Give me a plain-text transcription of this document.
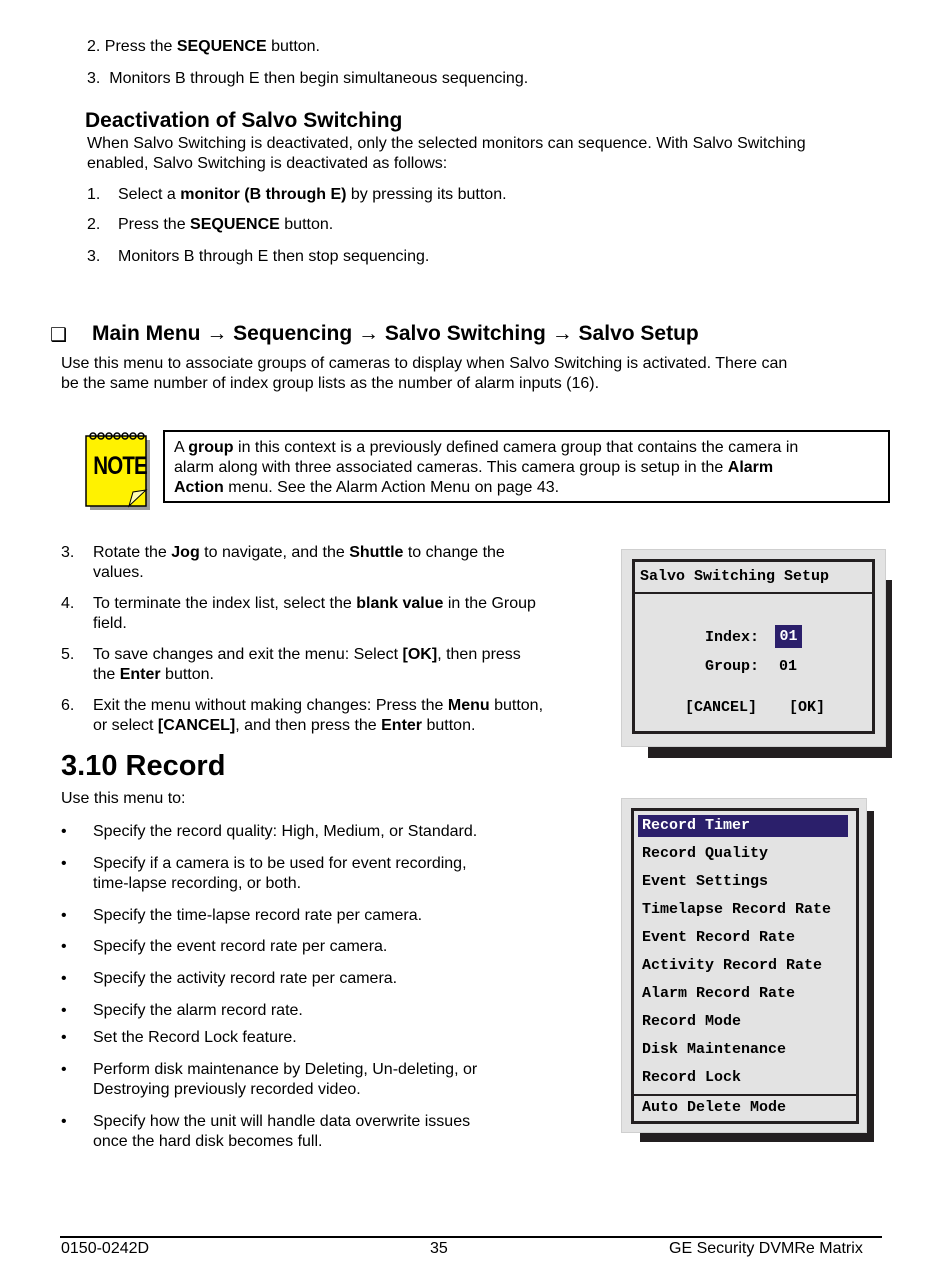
2. Press the SEQUENCE button.
3. Monitors B through E then begin simultaneous sequencing.
Deactivation of Salvo Switching
When Salvo Switching is deactivated, only the selected monitors can sequence. With Salvo Switching
enabled, Salvo Switching is deactivated as follows:
1. Select a monitor (B through E) by pressing its button.
2. Press the SEQUENCE button.
3. Monitors B through E then stop sequencing.
❑ Main Menu → Sequencing → Salvo Switching → Salvo Setup
Use this menu to associate groups of cameras to display when Salvo Switching is activated. There can
be the same number of index group lists as the number of alarm inputs (16).
NOTE
A group in this context is a previously defined camera group that contains the camera in
alarm along with three associated cameras. This camera group is setup in the Alarm
Action menu. See the Alarm Action Menu on page 43.
3. Rotate the Jog to navigate, and the Shuttle to change the
values.
4. To terminate the index list, select the blank value in the Group
field.
5. To save changes and exit the menu: Select [OK], then press
the Enter button.
6. Exit the menu without making changes: Press the Menu button,
or select [CANCEL], and then press the Enter button.
Salvo Switching Setup
Index: 01
Group: 01
[CANCEL] [OK]
3.10 Record
Use this menu to:
• Specify the record quality: High, Medium, or Standard.
• Specify if a camera is to be used for event recording,
time-lapse recording, or both.
• Specify the time-lapse record rate per camera.
• Specify the event record rate per camera.
• Specify the activity record rate per camera.
• Specify the alarm record rate.
• Set the Record Lock feature.
• Perform disk maintenance by Deleting, Un-deleting, or
Destroying previously recorded video.
• Specify how the unit will handle data overwrite issues
once the hard disk becomes full.
Record Timer
Record Quality
Event Settings
Timelapse Record Rate
Event Record Rate
Activity Record Rate
Alarm Record Rate
Record Mode
Disk Maintenance
Record Lock
Auto Delete Mode
0150-0242D	35	GE Security DVMRe Matrix
